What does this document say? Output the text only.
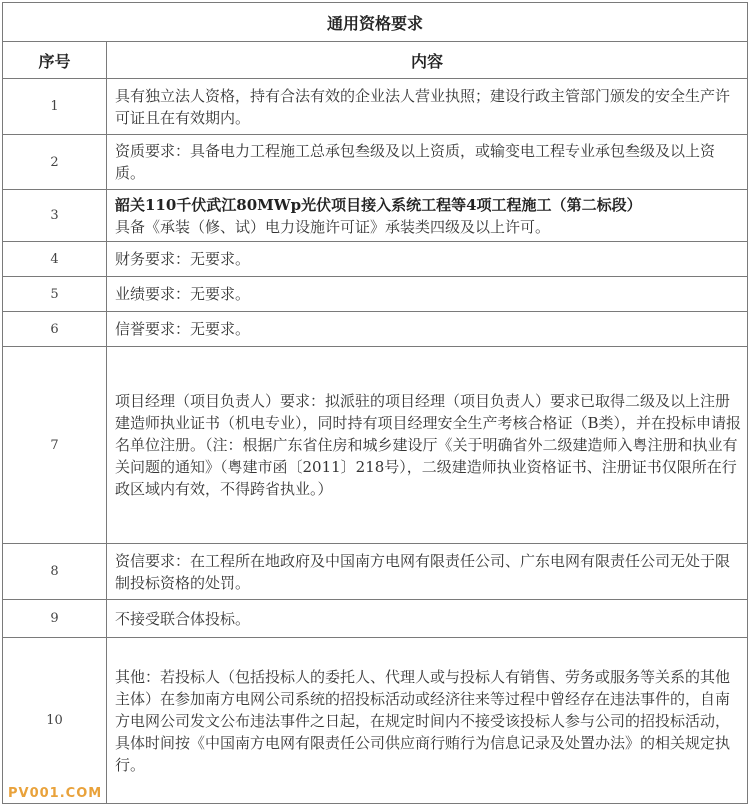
通用资格要求	
序号	内容
1	具有独立法人资格，持有合法有效的企业法人营业执照；建设行政主管部门颁发的安全生产许可证且在有效期内。
2	资质要求：具备电力工程施工总承包叁级及以上资质，或输变电工程专业承包叁级及以上资质。
3	韶关110千伏武江80MWp光伏项目接入系统工程等4项工程施工（第二标段）
具备《承装（修、试）电力设施许可证》承装类四级及以上许可。

4	财务要求：无要求。
5	业绩要求：无要求。
6	信誉要求：无要求。
7	项目经理（项目负责人）要求：拟派驻的项目经理（项目负责人）要求已取得二级及以上注册建造师执业证书（机电专业），同时持有项目经理安全生产考核合格证（B类），并在投标申请报名单位注册。（注：根据广东省住房和城乡建设厅《关于明确省外二级建造师入粤注册和执业有关问题的通知》（粤建市函〔2011〕218号），二级建造师执业资格证书、注册证书仅限所在行政区域内有效，不得跨省执业。）
8	资信要求：在工程所在地政府及中国南方电网有限责任公司、广东电网有限责任公司无处于限制投标资格的处罚。
9	不接受联合体投标。
10	其他：若投标人（包括投标人的委托人、代理人或与投标人有销售、劳务或服务等关系的其他主体）在参加南方电网公司系统的招投标活动或经济往来等过程中曾经存在违法事件的，自南方电网公司发文公布违法事件之日起，在规定时间内不接受该投标人参与公司的招投标活动，具体时间按《中国南方电网有限责任公司供应商行贿行为信息记录及处置办法》的相关规定执行。
PV001.COM
